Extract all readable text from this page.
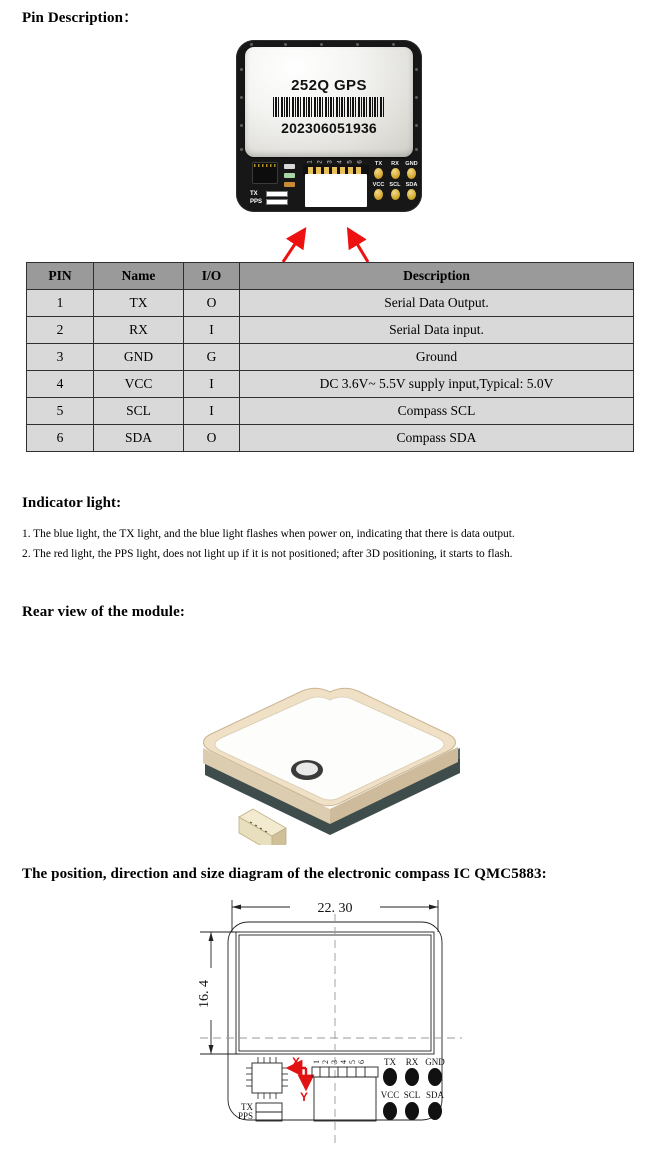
Pin Description：
252Q GPS
202306051936
TX
PPS
1 2 3 4 5 6	TX	RX	GND
VCC SCL SDA
PIN	Name	I/O	Description
1	TX	O	Serial Data Output.
2	RX	I	Serial Data input.
3	GND	G	Ground
4	VCC	I	DC 3.6V~ 5.5V supply input,Typical: 5.0V
5	SCL	I	Compass SCL
6	SDA	O	Compass SDA
Indicator light:

1. The blue light, the TX light, and the blue light flashes when power on, indicating that there is data output.

2. The red light, the PPS light, does not light up if it is not positioned; after 3D positioning, it starts to flash.

Rear view of the module:
The position, direction and size diagram of the electronic compass IC QMC5883:
22. 30
16. 4
X
Y
TX
PPS
1 2 3 4 5 6 TX RX GND
VCC SCL SDA
